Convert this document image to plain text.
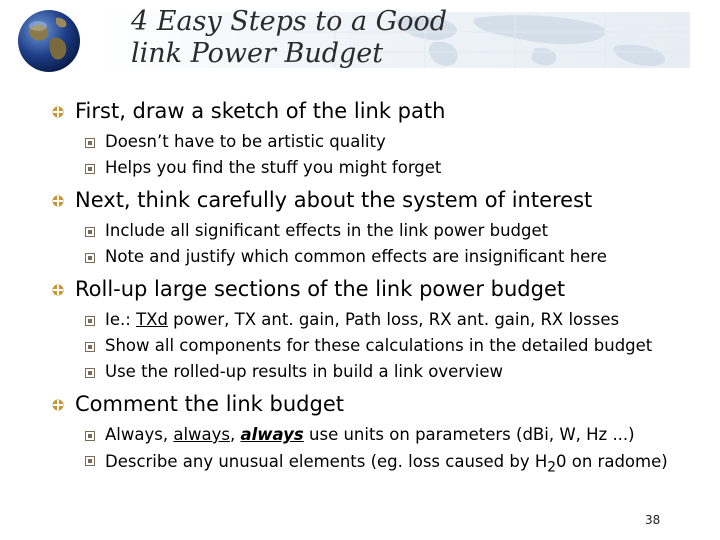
4 Easy Steps to a Good
link Power Budget
First, draw a sketch of the link path
Doesn’t have to be artistic quality
Helps you find the stuff you might forget
Next, think carefully about the system of interest
Include all significant effects in the link power budget
Note and justify which common effects are insignificant here
Roll-up large sections of the link power budget
Ie.: TXd power, TX ant. gain, Path loss, RX ant. gain, RX losses
Show all components for these calculations in the detailed budget
Use the rolled-up results in build a link overview
Comment the link budget
Always, always, always use units on parameters (dBi, W, Hz ...)
Describe any unusual elements (eg. loss caused by $H_20$ on radome)
38
